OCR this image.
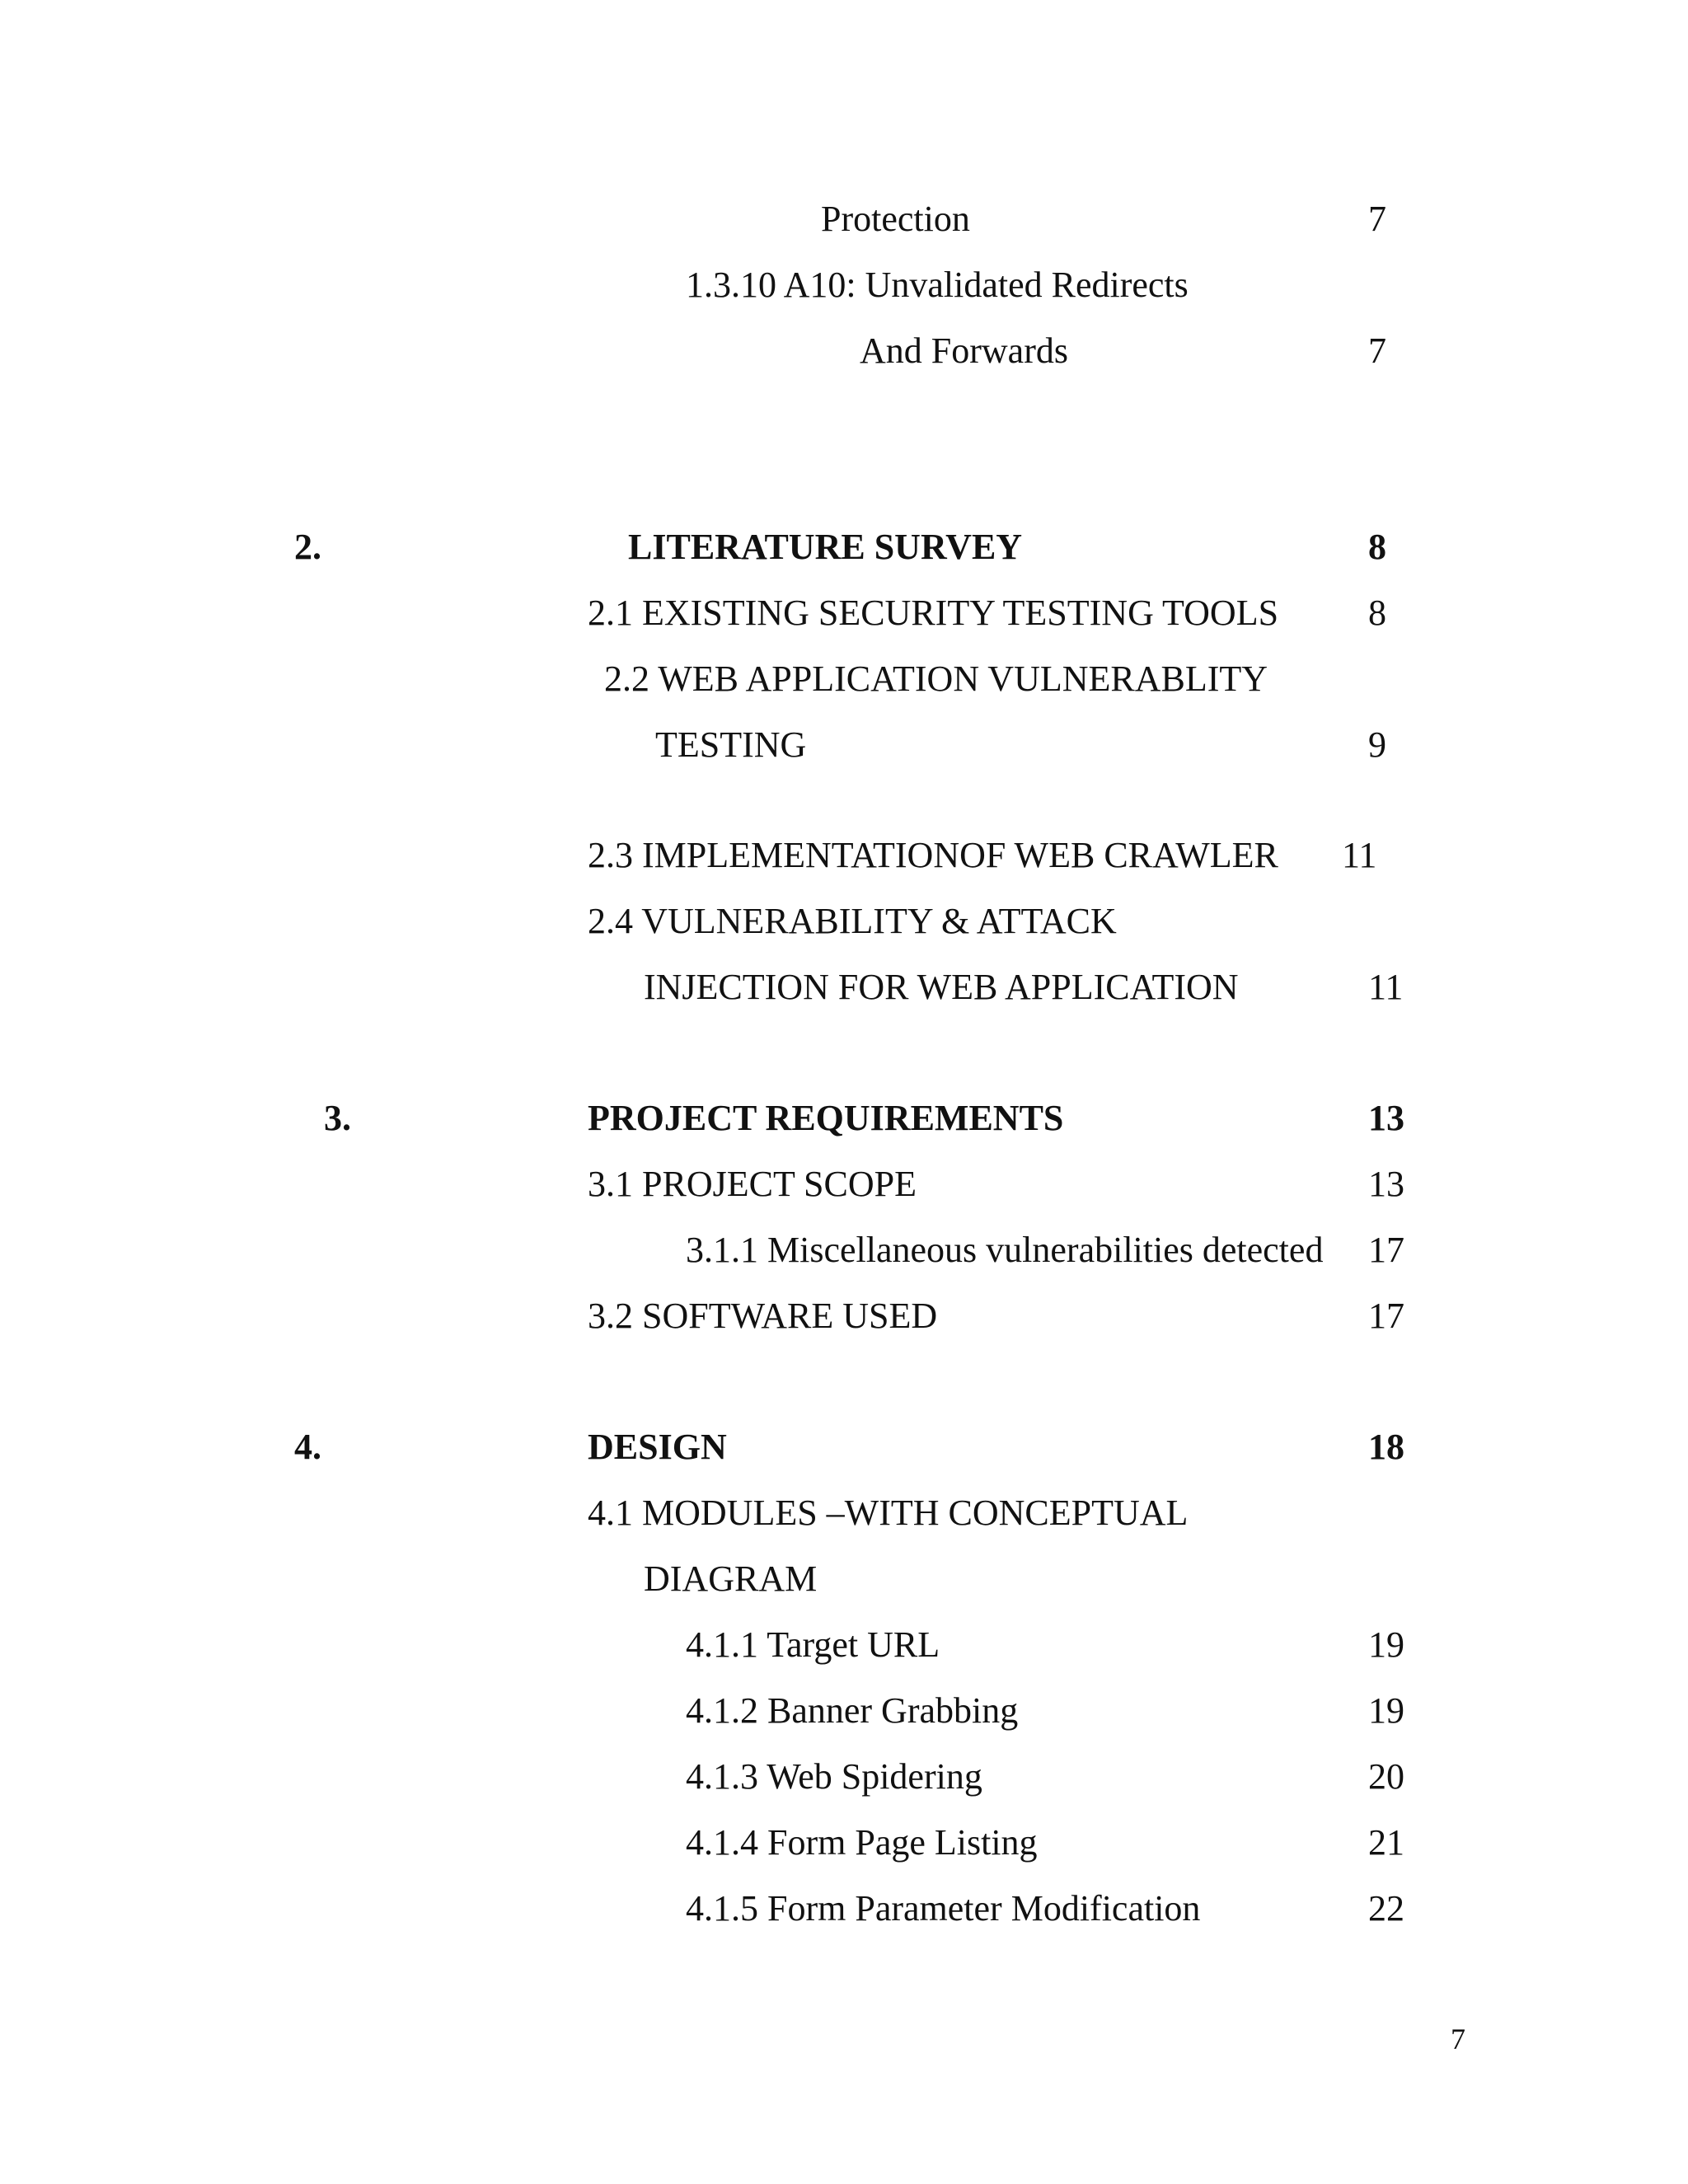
Protection	7
1.3.10 A10: Unvalidated Redirects
And Forwards	7
2.	LITERATURE SURVEY	8
2.1 EXISTING SECURITY TESTING TOOLS 8
2.2 WEB APPLICATION VULNERABLITY
TESTING	9
2.3 IMPLEMENTATIONOF WEB CRAWLER 11
2.4 VULNERABILITY & ATTACK
INJECTION FOR WEB APPLICATION	11
3.	PROJECT REQUIREMENTS	13
3.1 PROJECT SCOPE	13
3.1.1 Miscellaneous vulnerabilities detected 17
3.2 SOFTWARE USED	17
4.	DESIGN	18
4.1 MODULES –WITH CONCEPTUAL
DIAGRAM
4.1.1 Target URL	19
4.1.2 Banner Grabbing	19
4.1.3 Web Spidering	20
4.1.4 Form Page Listing	21
4.1.5 Form Parameter Modification	22
7
